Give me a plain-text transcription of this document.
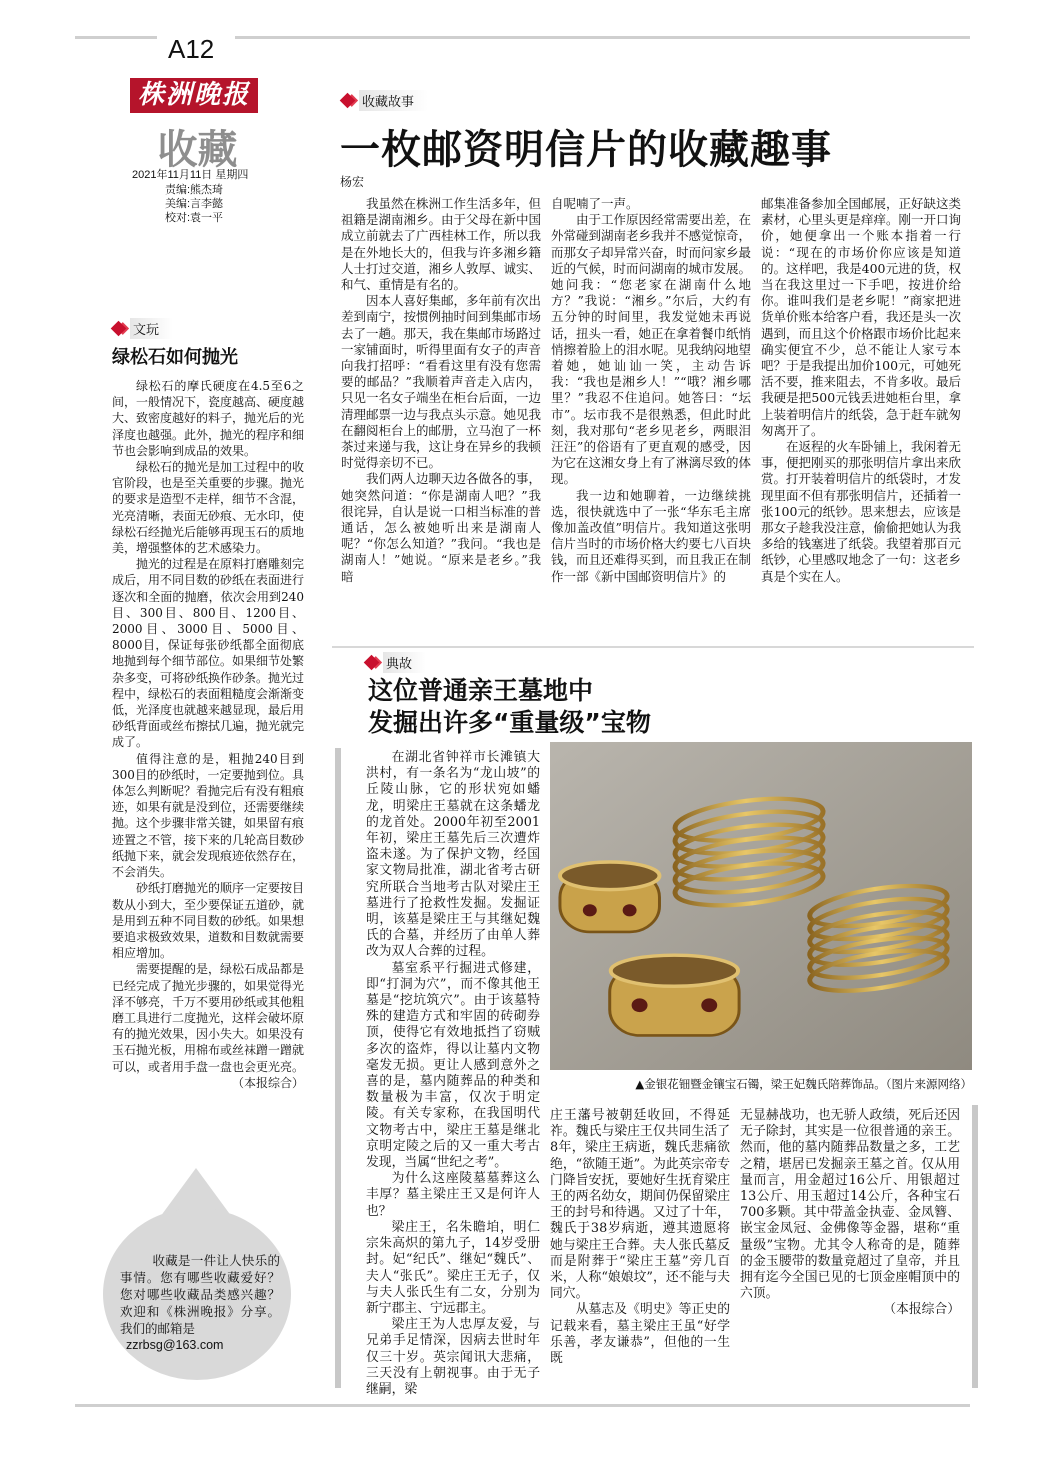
A12
株洲晚报
收藏
2021年11月11日 星期四
责编:熊杰琦
美编:言李懿
校对:袁一平
收藏故事
一枚邮资明信片的收藏趣事
杨宏

我虽然在株洲工作生活多年，但祖籍是湖南湘乡。由于父母在新中国成立前就去了广西桂林工作，所以我是在外地长大的，但我与许多湘乡籍人士打过交道，湘乡人敦厚、诚实、和气、重情是有名的。

因本人喜好集邮，多年前有次出差到南宁，按惯例抽时间到集邮市场去了一趟。那天，我在集邮市场路过一家铺面时，听得里面有女子的声音向我打招呼：“看看这里有没有您需要的邮品？”我顺着声音走入店内，只见一名女子端坐在柜台后面，一边清理邮票一边与我点头示意。她见我在翻阅柜台上的邮册，立马泡了一杯茶过来递与我，这让身在异乡的我顿时觉得亲切不已。

我们两人边聊天边各做各的事，她突然问道：“你是湖南人吧？”我很诧异，自认是说一口相当标准的普通话，怎么被她听出来是湖南人呢？“你怎么知道？”我问。“我也是湖南人！”她说。“原来是老乡。”我暗

自呢喃了一声。

由于工作原因经常需要出差，在外常碰到湖南老乡我并不感觉惊奇，而那女子却异常兴奋，时而问家乡最近的气候，时而问湖南的城市发展。她问我：“您老家在湖南什么地方？”我说：“湘乡。”尔后，大约有五分钟的时间里，我发觉她未再说话，扭头一看，她正在拿着餐巾纸悄悄擦着脸上的泪水呢。见我纳闷地望着她，她讪讪一笑，主动告诉我：“我也是湘乡人！”“哦？湘乡哪里？”我忍不住追问。她答曰：“坛市”。坛市我不是很熟悉，但此时此刻，我对那句“老乡见老乡，两眼泪汪汪”的俗语有了更直观的感受，因为它在这湘女身上有了淋漓尽致的体现。

我一边和她聊着，一边继续挑选，很快就选中了一张“华东毛主席像加盖改值”明信片。我知道这张明信片当时的市场价格大约要七八百块钱，而且还难得买到，而且我正在制作一部《新中国邮资明信片》的

邮集准备参加全国邮展，正好缺这类素材，心里头更是痒痒。刚一开口询价，她便拿出一个账本指着一行说：“现在的市场价你应该是知道的。这样吧，我是400元进的货，权当在我这里过一下手吧，按进价给你。谁叫我们是老乡呢！”商家把进货单价账本给客户看，我还是头一次遇到，而且这个价格跟市场价比起来确实便宜不少，总不能让人家亏本吧？于是我提出加价100元，可她死活不要，推来阻去，不肯多收。最后我硬是把500元钱丢进她柜台里，拿上装着明信片的纸袋，急于赶车就匆匆离开了。

在返程的火车卧铺上，我闲着无事，便把刚买的那张明信片拿出来欣赏。打开装着明信片的纸袋时，才发现里面不但有那张明信片，还插着一张100元的纸钞。思来想去，应该是那女子趁我没注意，偷偷把她认为我多给的钱塞进了纸袋。我望着那百元纸钞，心里感叹地念了一句：这老乡真是个实在人。

文玩
绿松石如何抛光

绿松石的摩氏硬度在4.5至6之间，一般情况下，瓷度越高、硬度越大、致密度越好的料子，抛光后的光泽度也越强。此外，抛光的程序和细节也会影响到成品的效果。

绿松石的抛光是加工过程中的收官阶段，也是至关重要的步骤。抛光的要求是造型不走样，细节不含混，光亮清晰，表面无砂痕、无水印，使绿松石经抛光后能够再现玉石的质地美，增强整体的艺术感染力。

抛光的过程是在原料打磨雕刻完成后，用不同目数的砂纸在表面进行逐次和全面的抛磨，依次会用到240目、300目、800目、1200目、2000目、3000目、5000目、8000目，保证每张砂纸都全面彻底地抛到每个细节部位。如果细节处繁杂多变，可将砂纸换作砂条。抛光过程中，绿松石的表面粗糙度会渐渐变低，光泽度也就越来越显现，最后用砂纸背面或丝布擦拭几遍，抛光就完成了。

值得注意的是，粗抛240目到300目的砂纸时，一定要抛到位。具体怎么判断呢？看抛完后有没有粗痕迹，如果有就是没到位，还需要继续抛。这个步骤非常关键，如果留有痕迹置之不管，接下来的几轮高目数砂纸抛下来，就会发现痕迹依然存在，不会消失。

砂纸打磨抛光的顺序一定要按目数从小到大，至少要保证五道砂，就是用到五种不同目数的砂纸。如果想要追求极致效果，道数和目数就需要相应增加。

需要提醒的是，绿松石成品都是已经完成了抛光步骤的，如果觉得光泽不够亮，千万不要用砂纸或其他粗磨工具进行二度抛光，这样会破坏原有的抛光效果，因小失大。如果没有玉石抛光板，用棉布或丝袜蹭一蹭就可以，或者用手盘一盘也会更光亮。

（本报综合）

收藏是一件让人快乐的事情。您有哪些收藏爱好？您对哪些收藏品类感兴趣？欢迎和《株洲晚报》分享。我们的邮箱是
zzrbsg@163.com
典故
这位普通亲王墓地中
发掘出许多“重量级”宝物
▲金银花钿暨金镶宝石镯，梁王妃魏氏陪葬饰品。（图片来源网络）

在湖北省钟祥市长滩镇大洪村，有一条名为“龙山坡”的丘陵山脉，它的形状宛如蟠龙，明梁庄王墓就在这条蟠龙的龙首处。2000年初至2001年初，梁庄王墓先后三次遭炸盗未遂。为了保护文物，经国家文物局批准，湖北省考古研究所联合当地考古队对梁庄王墓进行了抢救性发掘。发掘证明，该墓是梁庄王与其继妃魏氏的合墓，并经历了由单人葬改为双人合葬的过程。

墓室系平行掘进式修建，即“打洞为穴”，而不像其他王墓是“挖坑筑穴”。由于该墓特殊的建造方式和牢固的砖砌券顶，使得它有效地抵挡了窃贼多次的盗炸，得以让墓内文物毫发无损。更让人感到意外之喜的是，墓内随葬品的种类和数量极为丰富，仅次于明定陵。有关专家称，在我国明代文物考古中，梁庄王墓是继北京明定陵之后的又一重大考古发现，当属“世纪之考”。

为什么这座陵墓墓葬这么丰厚？墓主梁庄王又是何许人也？

梁庄王，名朱瞻垍，明仁宗朱高炽的第九子，14岁受册封。妃“纪氏”、继妃“魏氏”、夫人“张氏”。梁庄王无子，仅与夫人张氏生有二女，分别为新宁郡主、宁远郡主。

梁庄王为人忠厚友爱，与兄弟手足情深，因病去世时年仅三十岁。英宗闻讯大悲痛，三天没有上朝视事。由于无子继嗣，梁

庄王藩号被朝廷收回，不得延祚。魏氏与梁庄王仅共同生活了8年，梁庄王病逝，魏氏悲痛欲绝，“欲随王逝”。为此英宗帝专门降旨安抚，要她好生抚育梁庄王的两名幼女，期间仍保留梁庄王的封号和待遇。又过了十年，魏氏于38岁病逝，遵其遗愿将她与梁庄王合葬。夫人张氏墓反而是附葬于“梁庄王墓”旁几百米，人称“娘娘坟”，还不能与夫同穴。

从墓志及《明史》等正史的记载来看，墓主梁庄王虽“好学乐善，孝友谦恭”，但他的一生既

无显赫战功，也无骄人政绩，死后还因无子除封，其实是一位很普通的亲王。然而，他的墓内随葬品数量之多，工艺之精，堪居已发掘亲王墓之首。仅从用量而言，用金超过16公斤、用银超过13公斤、用玉超过14公斤，各种宝石700多颗。其中带盖金执壶、金凤簪、嵌宝金凤冠、金佛像等金器，堪称“重量级”宝物。尤其令人称奇的是，随葬的金玉腰带的数量竟超过了皇帝，并且拥有迄今全国已见的七顶金座帽顶中的六顶。

（本报综合）
